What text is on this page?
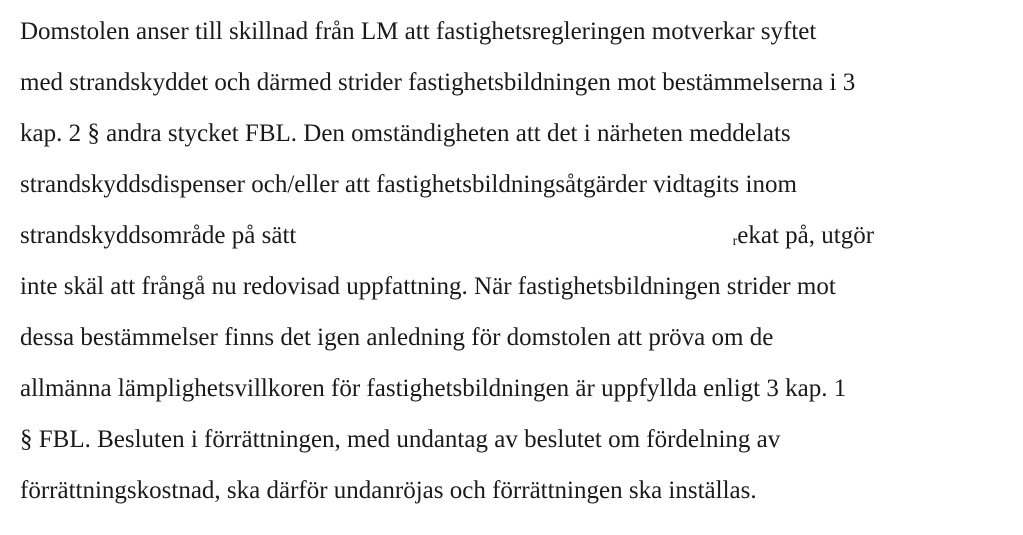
Domstolen anser till skillnad från LM att fastighetsregleringen motverkar syftet
med strandskyddet och därmed strider fastighetsbildningen mot bestämmelserna i 3
kap. 2 § andra stycket FBL. Den omständigheten att det i närheten meddelats
strandskyddsdispenser och/eller att fastighetsbildningsåtgärder vidtagits inom
strandskyddsområde på sätt	rekat på, utgör
inte skäl att frångå nu redovisad uppfattning. När fastighetsbildningen strider mot
dessa bestämmelser finns det igen anledning för domstolen att pröva om de
allmänna lämplighetsvillkoren för fastighetsbildningen är uppfyllda enligt 3 kap. 1
§ FBL. Besluten i förrättningen, med undantag av beslutet om fördelning av
förrättningskostnad, ska därför undanröjas och förrättningen ska inställas.
